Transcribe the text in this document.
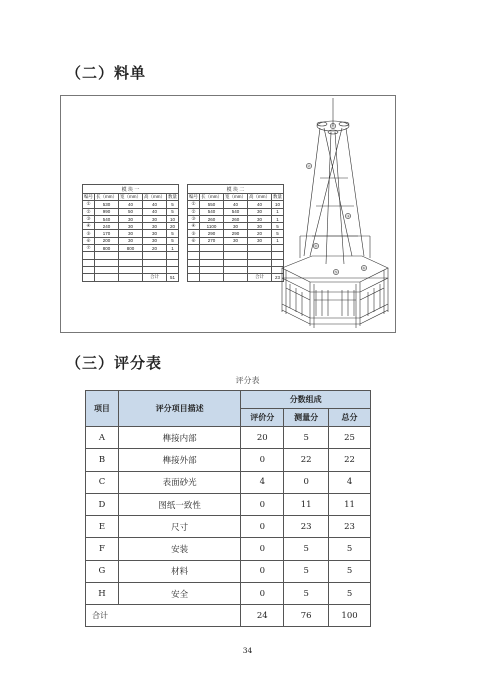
（二）料单
模 块 一				
编号	长（mm）	宽（mm）	高（mm）	数量
①	530	40	40	5
②	990	50	40	5
③	540	30	30	10
④	240	30	30	20
⑤	170	30	30	5
⑥	200	30	30	5
⑦	800	800	20	1

			合计	51
模 块 二				
编号	长（mm）	宽（mm）	高（mm）	数量
①	550	40	40	10
②	540	540	30	1
③	260	260	30	1
④	1100	30	30	5
⑤	290	290	20	5
⑥	270	30	30	1

			合计	23
①
②
③
④
⑤
⑥
（三）评分表
评分表
项目	评分项目描述	分数组成		
		评价分	测量分	总分
A	榫接内部	20	5	25
B	榫接外部	0	22	22
C	表面砂光	4	0	4
D	图纸一致性	0	11	11
E	尺寸	0	23	23
F	安装	0	5	5
G	材料	0	5	5
H	安全	0	5	5
合计		24	76	100
34
